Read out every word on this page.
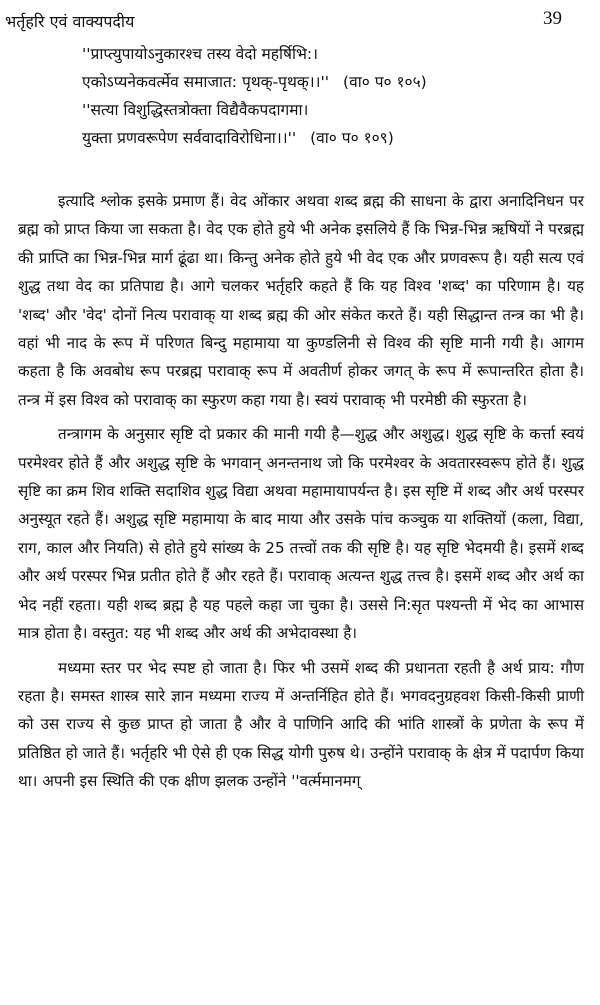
भर्तृहरि एवं वाक्यपदीय	39
''प्राप्त्युपायोऽनुकारश्च तस्य वेदो महर्षिभि:।
एकोऽप्यनेकवर्त्मेव समाजात: पृथक्-पृथक्।।'' (वा० प० १०५)
''सत्या विशुद्धिस्तत्रोक्ता विद्यैवैकपदागमा।
युक्ता प्रणवरूपेण सर्ववादाविरोधिना।।'' (वा० प० १०९)

इत्यादि श्लोक इसके प्रमाण हैं। वेद ओंकार अथवा शब्द ब्रह्म की साधना के द्वारा अनादिनिधन पर ब्रह्म को प्राप्त किया जा सकता है। वेद एक होते हुये भी अनेक इसलिये हैं कि भिन्न-भिन्न ऋषियों ने परब्रह्म की प्राप्ति का भिन्न-भिन्न मार्ग ढूंढा था। किन्तु अनेक होते हुये भी वेद एक और प्रणवरूप है। यही सत्य एवं शुद्ध तथा वेद का प्रतिपाद्य है। आगे चलकर भर्तृहरि कहते हैं कि यह विश्व 'शब्द' का परिणाम है। यह 'शब्द' और 'वेद' दोनों नित्य परावाक् या शब्द ब्रह्म की ओर संकेत करते हैं। यही सिद्धान्त तन्त्र का भी है। वहां भी नाद के रूप में परिणत बिन्दु महामाया या कुण्डलिनी से विश्व की सृष्टि मानी गयी है। आगम कहता है कि अवबोध रूप परब्रह्म परावाक् रूप में अवतीर्ण होकर जगत् के रूप में रूपान्तरित होता है। तन्त्र में इस विश्व को परावाक् का स्फुरण कहा गया है। स्वयं परावाक् भी परमेष्ठी की स्फुरता है।

तन्त्रागम के अनुसार सृष्टि दो प्रकार की मानी गयी है—शुद्ध और अशुद्ध। शुद्ध सृष्टि के कर्त्ता स्वयं परमेश्वर होते हैं और अशुद्ध सृष्टि के भगवान् अनन्तनाथ जो कि परमेश्वर के अवतारस्वरूप होते हैं। शुद्ध सृष्टि का क्रम शिव शक्ति सदाशिव शुद्ध विद्या अथवा महामायापर्यन्त है। इस सृष्टि में शब्द और अर्थ परस्पर अनुस्यूत रहते हैं। अशुद्ध सृष्टि महामाया के बाद माया और उसके पांच कञ्चुक या शक्तियों (कला, विद्या, राग, काल और नियति) से होते हुये सांख्य के 25 तत्त्वों तक की सृष्टि है। यह सृष्टि भेदमयी है। इसमें शब्द और अर्थ परस्पर भिन्न प्रतीत होते हैं और रहते हैं। परावाक् अत्यन्त शुद्ध तत्त्व है। इसमें शब्द और अर्थ का भेद नहीं रहता। यही शब्द ब्रह्म है यह पहले कहा जा चुका है। उससे नि:सृत पश्यन्ती में भेद का आभास मात्र होता है। वस्तुत: यह भी शब्द और अर्थ की अभेदावस्था है।

मध्यमा स्तर पर भेद स्पष्ट हो जाता है। फिर भी उसमें शब्द की प्रधानता रहती है अर्थ प्राय: गौण रहता है। समस्त शास्त्र सारे ज्ञान मध्यमा राज्य में अन्तर्निहित होते हैं। भगवदनुग्रहवश किसी-किसी प्राणी को उस राज्य से कुछ प्राप्त हो जाता है और वे पाणिनि आदि की भांति शास्त्रों के प्रणेता के रूप में प्रतिष्ठित हो जाते हैं। भर्तृहरि भी ऐसे ही एक सिद्ध योगी पुरुष थे। उन्होंने परावाक् के क्षेत्र में पदार्पण किया था। अपनी इस स्थिति की एक क्षीण झलक उन्होंने ''वर्त्ममानमग्
